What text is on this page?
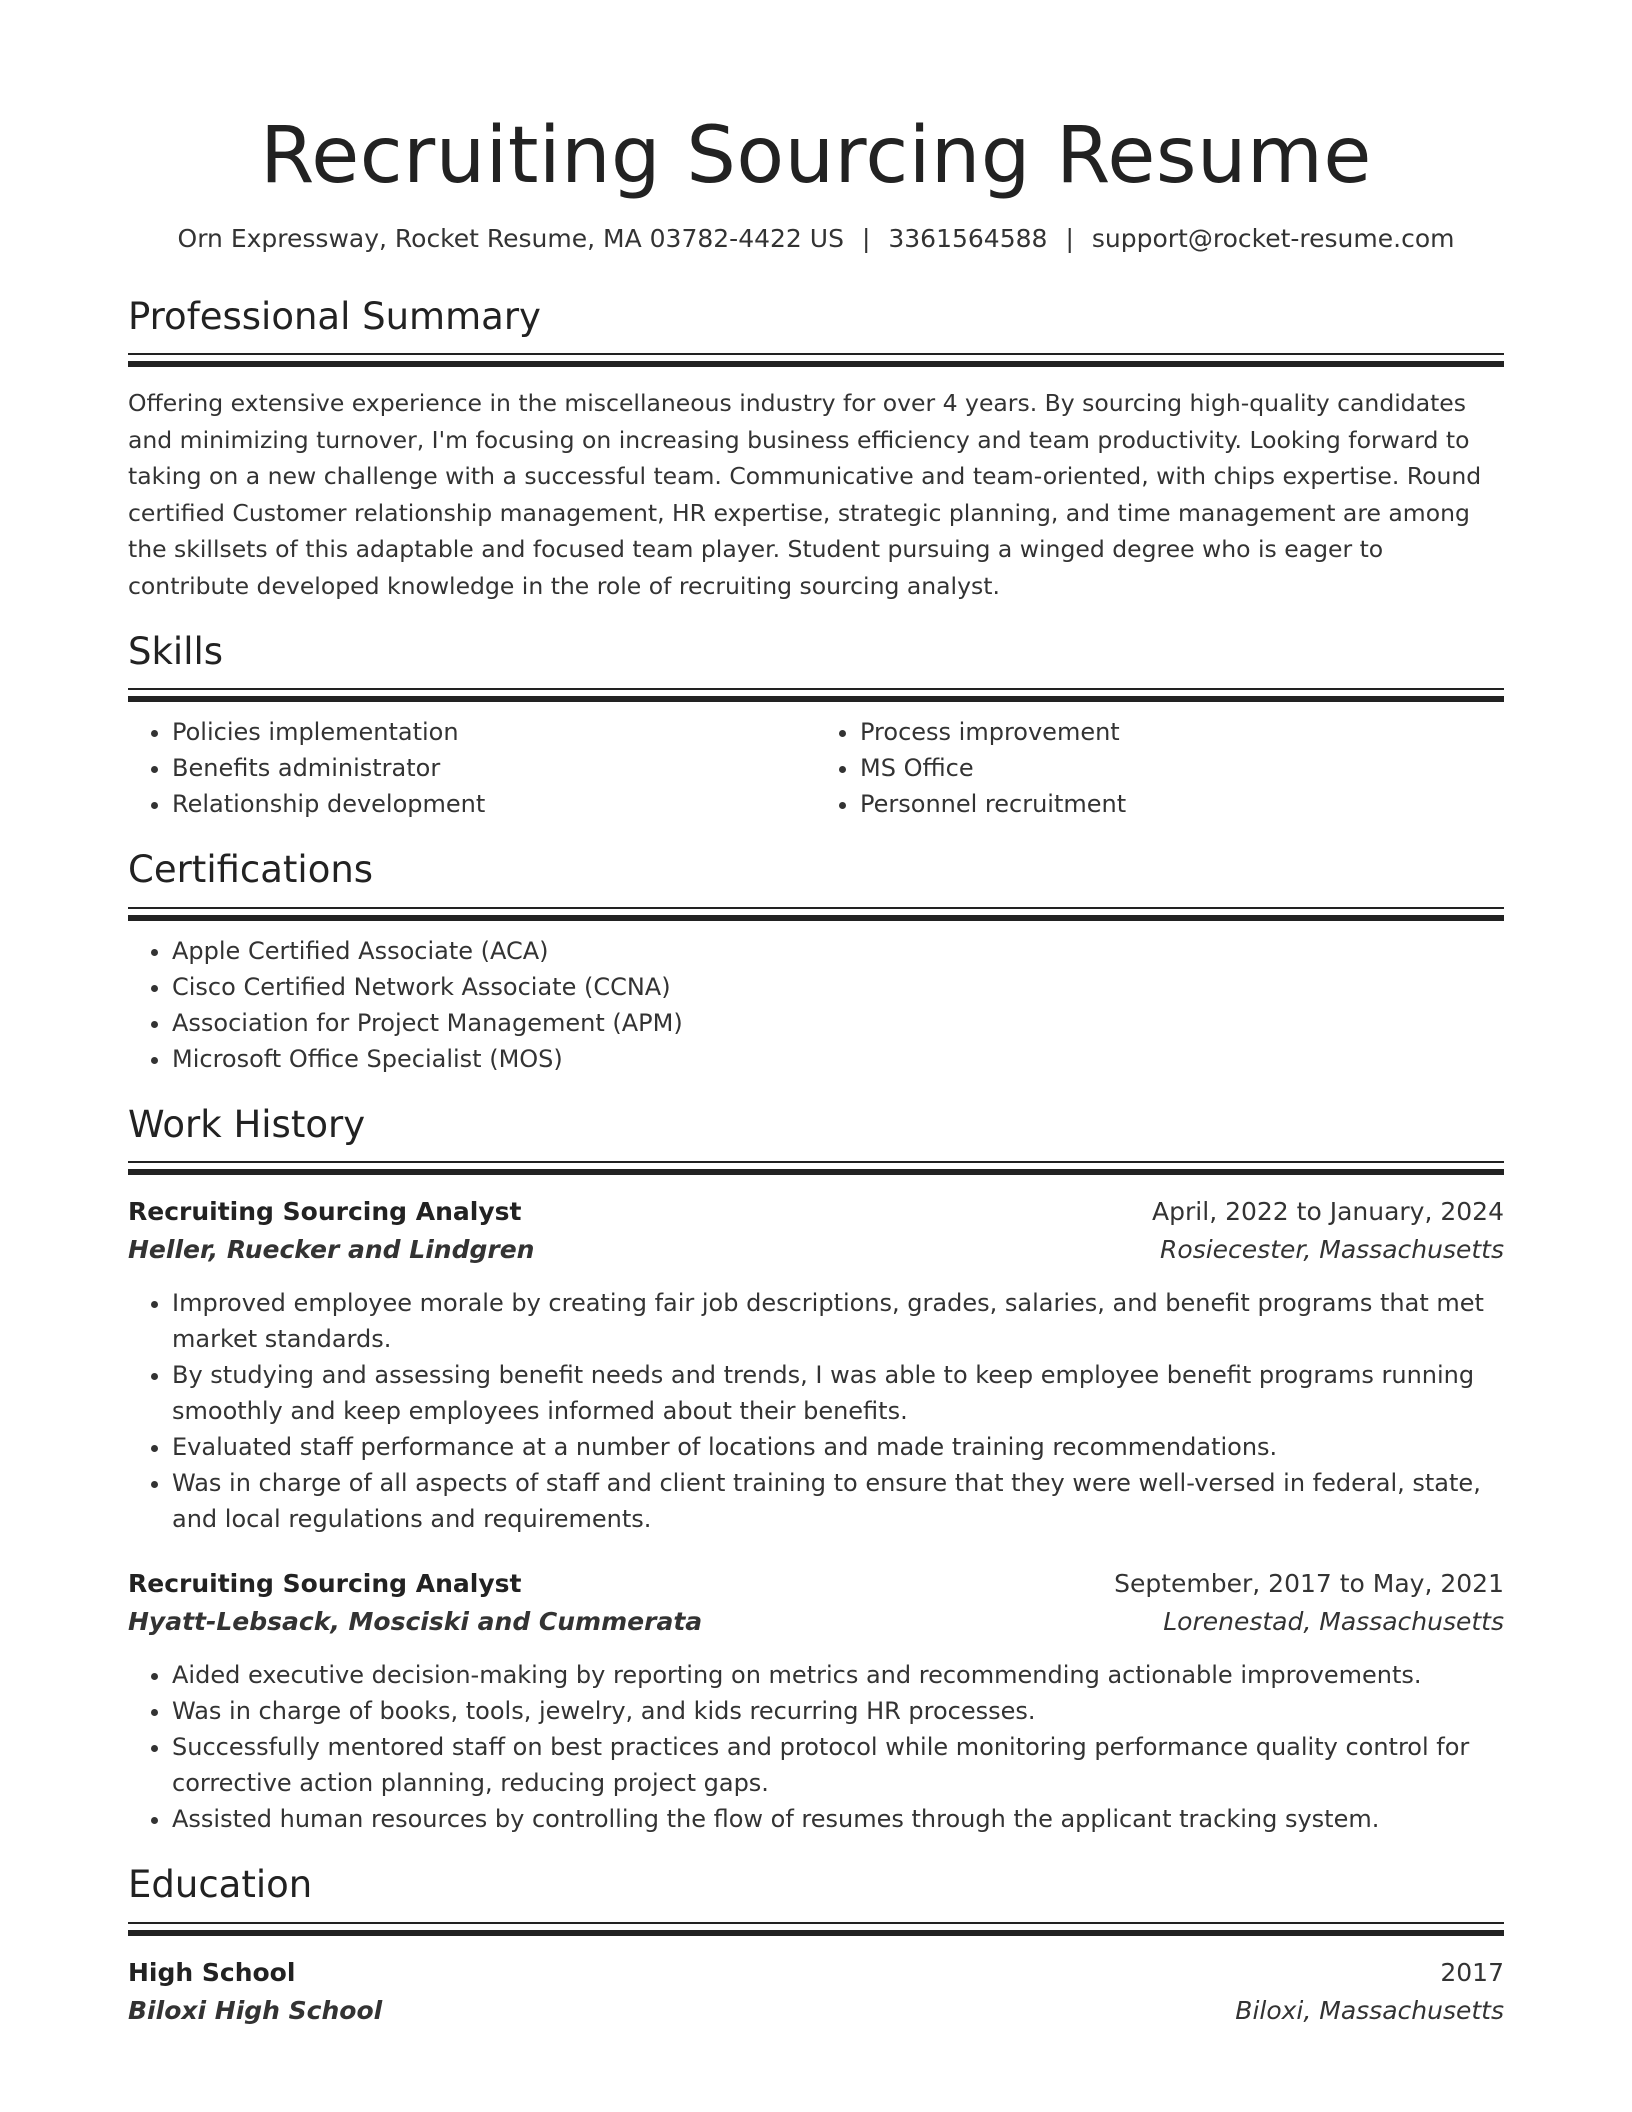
Recruiting Sourcing Resume
Orn Expressway, Rocket Resume, MA 03782-4422 US | 3361564588 | support@rocket-resume.com
Professional Summary

Offering extensive experience in the miscellaneous industry for over 4 years. By sourcing high-quality candidates and minimizing turnover, I'm focusing on increasing business efficiency and team productivity. Looking forward to taking on a new challenge with a successful team. Communicative and team-oriented, with chips expertise. Round certified Customer relationship management, HR expertise, strategic planning, and time management are among the skillsets of this adaptable and focused team player. Student pursuing a winged degree who is eager to contribute developed knowledge in the role of recruiting sourcing analyst.

Skills
• Policies implementation
• Benefits administrator
• Relationship development
• Process improvement
• MS Office
• Personnel recruitment
Certifications
• Apple Certified Associate (ACA)
• Cisco Certified Network Associate (CCNA)
• Association for Project Management (APM)
• Microsoft Office Specialist (MOS)
Work History
Recruiting Sourcing Analyst	April, 2022 to January, 2024
Heller, Ruecker and Lindgren	Rosiecester, Massachusetts
• Improved employee morale by creating fair job descriptions, grades, salaries, and benefit programs that met market standards.
• By studying and assessing benefit needs and trends, I was able to keep employee benefit programs running smoothly and keep employees informed about their benefits.
• Evaluated staff performance at a number of locations and made training recommendations.
• Was in charge of all aspects of staff and client training to ensure that they were well-versed in federal, state, and local regulations and requirements.
Recruiting Sourcing Analyst	September, 2017 to May, 2021
Hyatt-Lebsack, Mosciski and Cummerata	Lorenestad, Massachusetts
• Aided executive decision-making by reporting on metrics and recommending actionable improvements.
• Was in charge of books, tools, jewelry, and kids recurring HR processes.
• Successfully mentored staff on best practices and protocol while monitoring performance quality control for corrective action planning, reducing project gaps.
• Assisted human resources by controlling the flow of resumes through the applicant tracking system.
Education
High School	2017
Biloxi High School	Biloxi, Massachusetts
